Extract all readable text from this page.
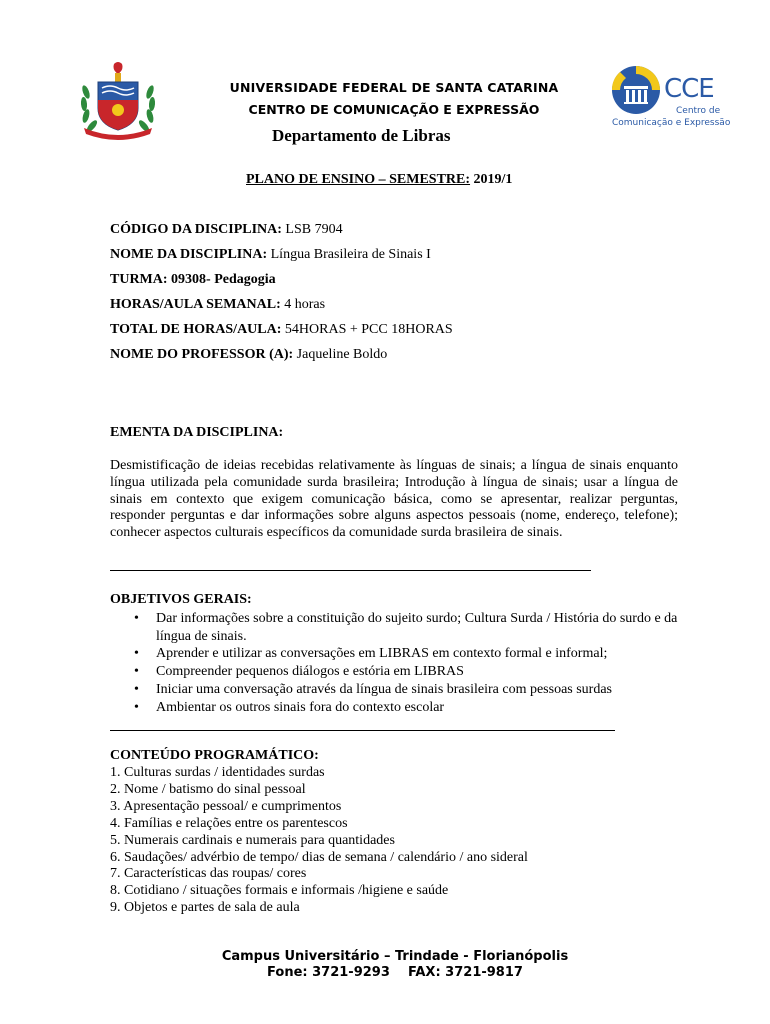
CCE
Centro de
Comunicação e Expressão
UNIVERSIDADE FEDERAL DE SANTA CATARINA
CENTRO DE COMUNICAÇÃO E EXPRESSÃO
Departamento de Libras
PLANO DE ENSINO – SEMESTRE: 2019/1
CÓDIGO DA DISCIPLINA: LSB 7904
NOME DA DISCIPLINA: Língua Brasileira de Sinais I
TURMA: 09308- Pedagogia
HORAS/AULA SEMANAL: 4 horas
TOTAL DE HORAS/AULA: 54HORAS + PCC 18HORAS
NOME DO PROFESSOR (A): Jaqueline Boldo
EMENTA DA DISCIPLINA:
Desmistificação de ideias recebidas relativamente às línguas de sinais; a língua de sinais enquanto língua utilizada pela comunidade surda brasileira; Introdução à língua de sinais; usar a língua de sinais em contexto que exigem comunicação básica, como se apresentar, realizar perguntas, responder perguntas e dar informações sobre alguns aspectos pessoais (nome, endereço, telefone); conhecer aspectos culturais específicos da comunidade surda brasileira de sinais.
OBJETIVOS GERAIS:
• Dar informações sobre a constituição do sujeito surdo; Cultura Surda / História do surdo e da língua de sinais.
• Aprender e utilizar as conversações em LIBRAS em contexto formal e informal;
• Compreender pequenos diálogos e estória em LIBRAS
• Iniciar uma conversação através da língua de sinais brasileira com pessoas surdas
• Ambientar os outros sinais fora do contexto escolar
CONTEÚDO PROGRAMÁTICO:
1. Culturas surdas / identidades surdas
2. Nome / batismo do sinal pessoal
3. Apresentação pessoal/ e cumprimentos
4. Famílias e relações entre os parentescos
5. Numerais cardinais e numerais para quantidades
6. Saudações/ advérbio de tempo/ dias de semana / calendário / ano sideral
7. Características das roupas/ cores
8. Cotidiano / situações formais e informais /higiene e saúde
9. Objetos e partes de sala de aula
Campus Universitário – Trindade - Florianópolis
Fone: 3721-9293 FAX: 3721-9817
